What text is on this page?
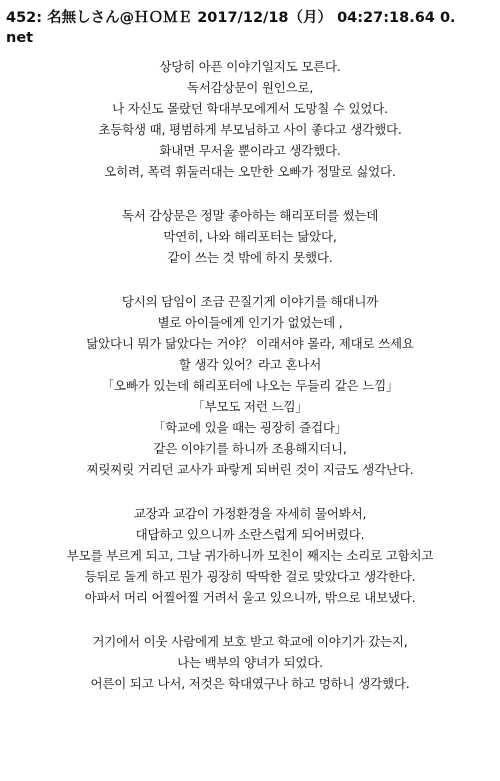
452: 名無しさん@ＨＯＭＥ 2017/12/18（月） 04:27:18.64 0.
net
상당히 아픈 이야기일지도 모른다.
독서감상문이 원인으로,
나 자신도 몰랐던 학대부모에게서 도망칠 수 있었다.
초등학생 때, 평범하게 부모님하고 사이 좋다고 생각했다.
화내면 무서울 뿐이라고 생각했다.
오히려, 폭력 휘둘러대는 오만한 오빠가 정말로 싫었다.
독서 감상문은 정말 좋아하는 해리포터를 썼는데
막연히, 나와 해리포터는 닮았다,
같이 쓰는 것 밖에 하지 못했다.
당시의 담임이 조금 끈질기게 이야기를 해대니까
별로 아이들에게 인기가 없었는데 ,
닮았다니 뭐가 닮았다는 거야？ 이래서야 몰라, 제대로 쓰세요
할 생각 있어？라고 혼나서
「오빠가 있는데 해리포터에 나오는 두들리 같은 느낌」
「부모도 저런 느낌」
「학교에 있을 때는 굉장히 즐겁다」
같은 이야기를 하니까 조용해지더니,
찌릿찌릿 거리던 교사가 파랗게 되버린 것이 지금도 생각난다.
교장과 교감이 가정환경을 자세히 물어봐서,
대답하고 있으니까 소란스럽게 되어버렸다.
부모를 부르게 되고, 그날 귀가하니까 모친이 째지는 소리로 고함치고
등뒤로 돌게 하고 뭔가 굉장히 딱딱한 걸로 맞았다고 생각한다.
아파서 머리 어찔어찔 거려서 울고 있으니까, 밖으로 내보냈다.
거기에서 이웃 사람에게 보호 받고 학교에 이야기가 갔는지,
나는 백부의 양녀가 되었다.
어른이 되고 나서, 저것은 학대였구나 하고 멍하니 생각했다.
